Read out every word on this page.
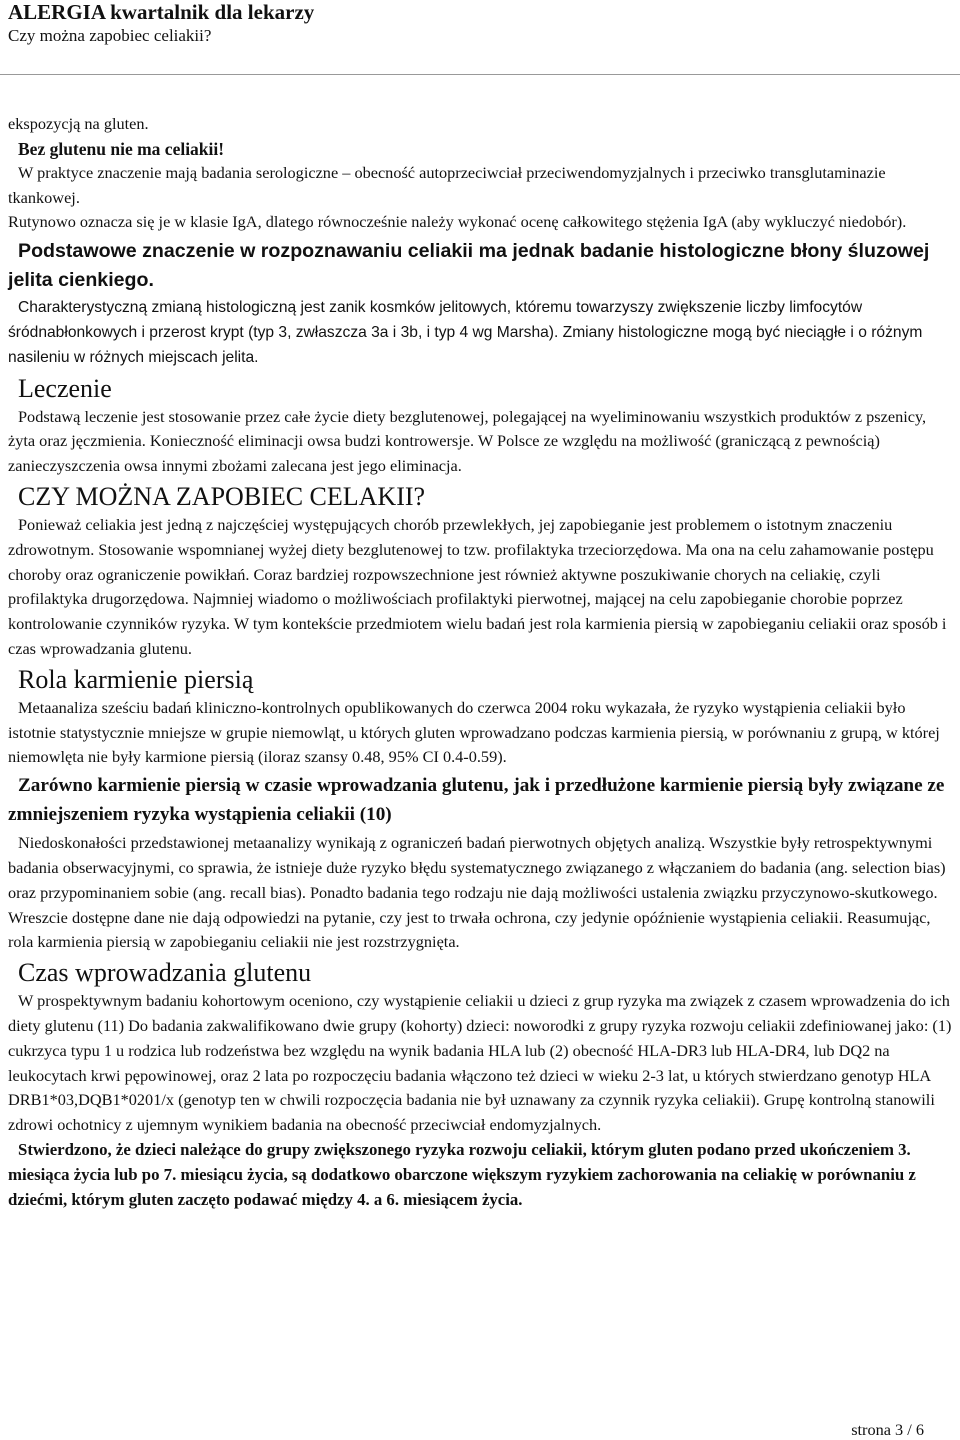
ALERGIA kwartalnik dla lekarzy
Czy można zapobiec celiakii?

ekspozycją na gluten.

Bez glutenu nie ma celiakii!

W praktyce znaczenie mają badania serologiczne – obecność autoprzeciwciał przeciwendomyzjalnych i przeciwko transglutaminazie tkankowej.

Rutynowo oznacza się je w klasie IgA, dlatego równocześnie należy wykonać ocenę całkowitego stężenia IgA (aby wykluczyć niedobór).

Podstawowe znaczenie w rozpoznawaniu celiakii ma jednak badanie histologiczne błony śluzowej jelita cienkiego.

Charakterystyczną zmianą histologiczną jest zanik kosmków jelitowych, któremu towarzyszy zwiększenie liczby limfocytów śródnabłonkowych i przerost krypt (typ 3, zwłaszcza 3a i 3b, i typ 4 wg Marsha). Zmiany histologiczne mogą być nieciągłe i o różnym nasileniu w różnych miejscach jelita.

Leczenie

Podstawą leczenie jest stosowanie przez całe życie diety bezglutenowej, polegającej na wyeliminowaniu wszystkich produktów z pszenicy, żyta oraz jęczmienia. Konieczność eliminacji owsa budzi kontrowersje. W Polsce ze względu na możliwość (graniczącą z pewnością) zanieczyszczenia owsa innymi zbożami zalecana jest jego eliminacja.

CZY MOŻNA ZAPOBIEC CELAKII?

Ponieważ celiakia jest jedną z najczęściej występujących chorób przewlekłych, jej zapobieganie jest problemem o istotnym znaczeniu zdrowotnym. Stosowanie wspomnianej wyżej diety bezglutenowej to tzw. profilaktyka trzeciorzędowa. Ma ona na celu zahamowanie postępu choroby oraz ograniczenie powikłań. Coraz bardziej rozpowszechnione jest również aktywne poszukiwanie chorych na celiakię, czyli profilaktyka drugorzędowa. Najmniej wiadomo o możliwościach profilaktyki pierwotnej, mającej na celu zapobieganie chorobie poprzez kontrolowanie czynników ryzyka. W tym kontekście przedmiotem wielu badań jest rola karmienia piersią w zapobieganiu celiakii oraz sposób i czas wprowadzania glutenu.

Rola karmienie piersią

Metaanaliza sześciu badań kliniczno-kontrolnych opublikowanych do czerwca 2004 roku wykazała, że ryzyko wystąpienia celiakii było istotnie statystycznie mniejsze w grupie niemowląt, u których gluten wprowadzano podczas karmienia piersią, w porównaniu z grupą, w której niemowlęta nie były karmione piersią (iloraz szansy 0.48, 95% CI 0.4-0.59).

Zarówno karmienie piersią w czasie wprowadzania glutenu, jak i przedłużone karmienie piersią były związane ze zmniejszeniem ryzyka wystąpienia celiakii (10)

Niedoskonałości przedstawionej metaanalizy wynikają z ograniczeń badań pierwotnych objętych analizą. Wszystkie były retrospektywnymi badania obserwacyjnymi, co sprawia, że istnieje duże ryzyko błędu systematycznego związanego z włączaniem do badania (ang. selection bias) oraz przypominaniem sobie (ang. recall bias). Ponadto badania tego rodzaju nie dają możliwości ustalenia związku przyczynowo-skutkowego. Wreszcie dostępne dane nie dają odpowiedzi na pytanie, czy jest to trwała ochrona, czy jedynie opóźnienie wystąpienia celiakii. Reasumując, rola karmienia piersią w zapobieganiu celiakii nie jest rozstrzygnięta.

Czas wprowadzania glutenu

W prospektywnym badaniu kohortowym oceniono, czy wystąpienie celiakii u dzieci z grup ryzyka ma związek z czasem wprowadzenia do ich diety glutenu (11) Do badania zakwalifikowano dwie grupy (kohorty) dzieci: noworodki z grupy ryzyka rozwoju celiakii zdefiniowanej jako: (1) cukrzyca typu 1 u rodzica lub rodzeństwa bez względu na wynik badania HLA lub (2) obecność HLA-DR3 lub HLA-DR4, lub DQ2 na leukocytach krwi pępowinowej, oraz 2 lata po rozpoczęciu badania włączono też dzieci w wieku 2-3 lat, u których stwierdzano genotyp HLA DRB1*03,DQB1*0201/x (genotyp ten w chwili rozpoczęcia badania nie był uznawany za czynnik ryzyka celiakii). Grupę kontrolną stanowili zdrowi ochotnicy z ujemnym wynikiem badania na obecność przeciwciał endomyzjalnych.

Stwierdzono, że dzieci należące do grupy zwiększonego ryzyka rozwoju celiakii, którym gluten podano przed ukończeniem 3. miesiąca życia lub po 7. miesiącu życia, są dodatkowo obarczone większym ryzykiem zachorowania na celiakię w porównaniu z dziećmi, którym gluten zaczęto podawać między 4. a 6. miesiącem życia.

strona 3 / 6
